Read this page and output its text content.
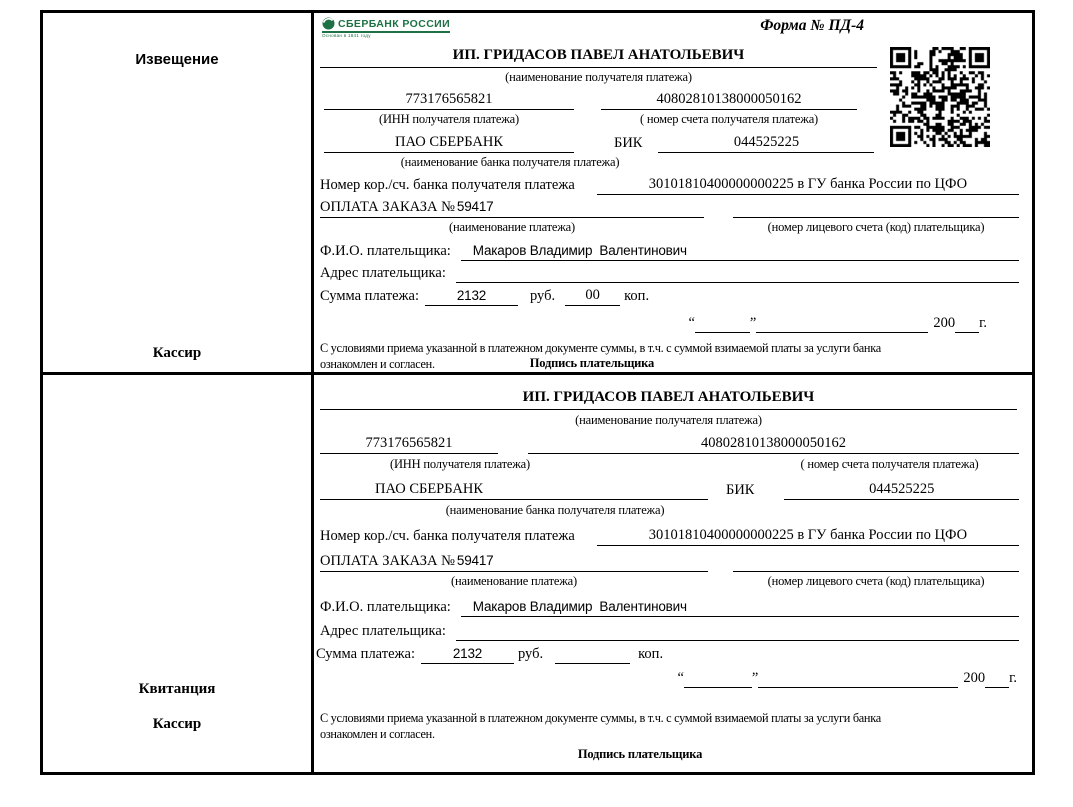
Извещение
Кассир
СБЕРБАНК РОССИИ
Основан в 1841 году
Форма № ПД-4
ИП. ГРИДАСОВ ПАВЕЛ АНАТОЛЬЕВИЧ
(наименование получателя платежа)
773176565821	40802810138000050162
(ИНН получателя платежа)	( номер счета получателя платежа)
ПАО СБЕРБАНК	БИК	044525225
(наименование банка получателя платежа)
Номер кор./сч. банка получателя платежа	30101810400000000225 в ГУ банка России по ЦФО
ОПЛАТА ЗАКАЗА № 59417
(наименование платежа)	(номер лицевого счета (код) плательщика)
Ф.И.О. плательщика:	Макаров Владимир  Валентинович
Адрес плательщика:
Сумма платежа:	2132	руб.	00	коп.
“	”	200 г.
С условиями приема указанной в платежном документе суммы, в т.ч. с суммой взимаемой платы за услуги банка
ознакомлен и согласен.	Подпись плательщика
Квитанция
Кассир
ИП. ГРИДАСОВ ПАВЕЛ АНАТОЛЬЕВИЧ
(наименование получателя платежа)
773176565821	40802810138000050162
(ИНН получателя платежа)	( номер счета получателя платежа)
ПАО СБЕРБАНК	БИК	044525225
(наименование банка получателя платежа)
Номер кор./сч. банка получателя платежа	30101810400000000225 в ГУ банка России по ЦФО
ОПЛАТА ЗАКАЗА № 59417
(наименование платежа)	(номер лицевого счета (код) плательщика)
Ф.И.О. плательщика:	Макаров Владимир  Валентинович
Адрес плательщика:
Сумма платежа:	2132	руб.	коп.
“	”	200 г.
С условиями приема указанной в платежном документе суммы, в т.ч. с суммой взимаемой платы за услуги банка
ознакомлен и согласен.
Подпись плательщика
